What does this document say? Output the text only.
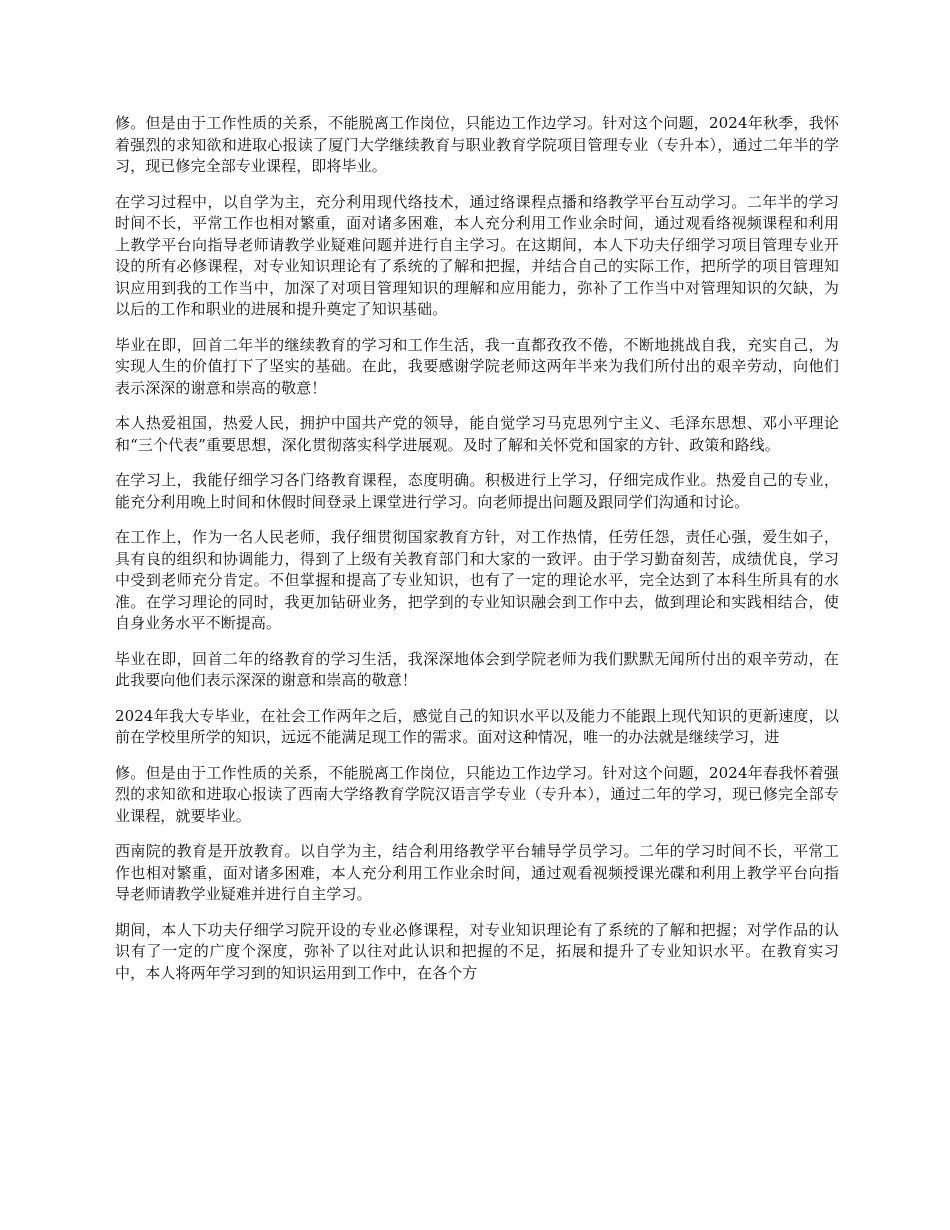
修。但是由于工作性质的关系，不能脱离工作岗位，只能边工作边学习。针对这个问题，2024年秋季，我怀着强烈的求知欲和进取心报读了厦门大学继续教育与职业教育学院项目管理专业（专升本），通过二年半的学习，现已修完全部专业课程，即将毕业。

在学习过程中，以自学为主，充分利用现代络技术，通过络课程点播和络教学平台互动学习。二年半的学习时间不长，平常工作也相对繁重，面对诸多困难，本人充分利用工作业余时间，通过观看络视频课程和利用上教学平台向指导老师请教学业疑难问题并进行自主学习。在这期间，本人下功夫仔细学习项目管理专业开设的所有必修课程，对专业知识理论有了系统的了解和把握，并结合自己的实际工作，把所学的项目管理知识应用到我的工作当中，加深了对项目管理知识的理解和应用能力，弥补了工作当中对管理知识的欠缺，为以后的工作和职业的进展和提升奠定了知识基础。

毕业在即，回首二年半的继续教育的学习和工作生活，我一直都孜孜不倦，不断地挑战自我，充实自己，为实现人生的价值打下了坚实的基础。在此，我要感谢学院老师这两年半来为我们所付出的艰辛劳动，向他们表示深深的谢意和崇高的敬意！

本人热爱祖国，热爱人民，拥护中国共产党的领导，能自觉学习马克思列宁主义、毛泽东思想、邓小平理论和“三个代表”重要思想，深化贯彻落实科学进展观。及时了解和关怀党和国家的方针、政策和路线。

在学习上，我能仔细学习各门络教育课程，态度明确。积极进行上学习，仔细完成作业。热爱自己的专业，能充分利用晚上时间和休假时间登录上课堂进行学习。向老师提出问题及跟同学们沟通和讨论。

在工作上，作为一名人民老师，我仔细贯彻国家教育方针，对工作热情，任劳任怨，责任心强，爱生如子，具有良的组织和协调能力，得到了上级有关教育部门和大家的一致评。由于学习勤奋刻苦，成绩优良，学习中受到老师充分肯定。不但掌握和提高了专业知识，也有了一定的理论水平，完全达到了本科生所具有的水准。在学习理论的同时，我更加钻研业务，把学到的专业知识融会到工作中去，做到理论和实践相结合，使自身业务水平不断提高。

毕业在即，回首二年的络教育的学习生活，我深深地体会到学院老师为我们默默无闻所付出的艰辛劳动，在此我要向他们表示深深的谢意和崇高的敬意！

2024年我大专毕业，在社会工作两年之后，感觉自己的知识水平以及能力不能跟上现代知识的更新速度，以前在学校里所学的知识，远远不能满足现工作的需求。面对这种情况，唯一的办法就是继续学习，进

修。但是由于工作性质的关系，不能脱离工作岗位，只能边工作边学习。针对这个问题，2024年春我怀着强烈的求知欲和进取心报读了西南大学络教育学院汉语言学专业（专升本），通过二年的学习，现已修完全部专业课程，就要毕业。

西南院的教育是开放教育。以自学为主，结合利用络教学平台辅导学员学习。二年的学习时间不长，平常工作也相对繁重，面对诸多困难，本人充分利用工作业余时间，通过观看视频授课光碟和利用上教学平台向指导老师请教学业疑难并进行自主学习。

期间，本人下功夫仔细学习院开设的专业必修课程，对专业知识理论有了系统的了解和把握；对学作品的认识有了一定的广度个深度，弥补了以往对此认识和把握的不足，拓展和提升了专业知识水平。在教育实习中，本人将两年学习到的知识运用到工作中，在各个方
